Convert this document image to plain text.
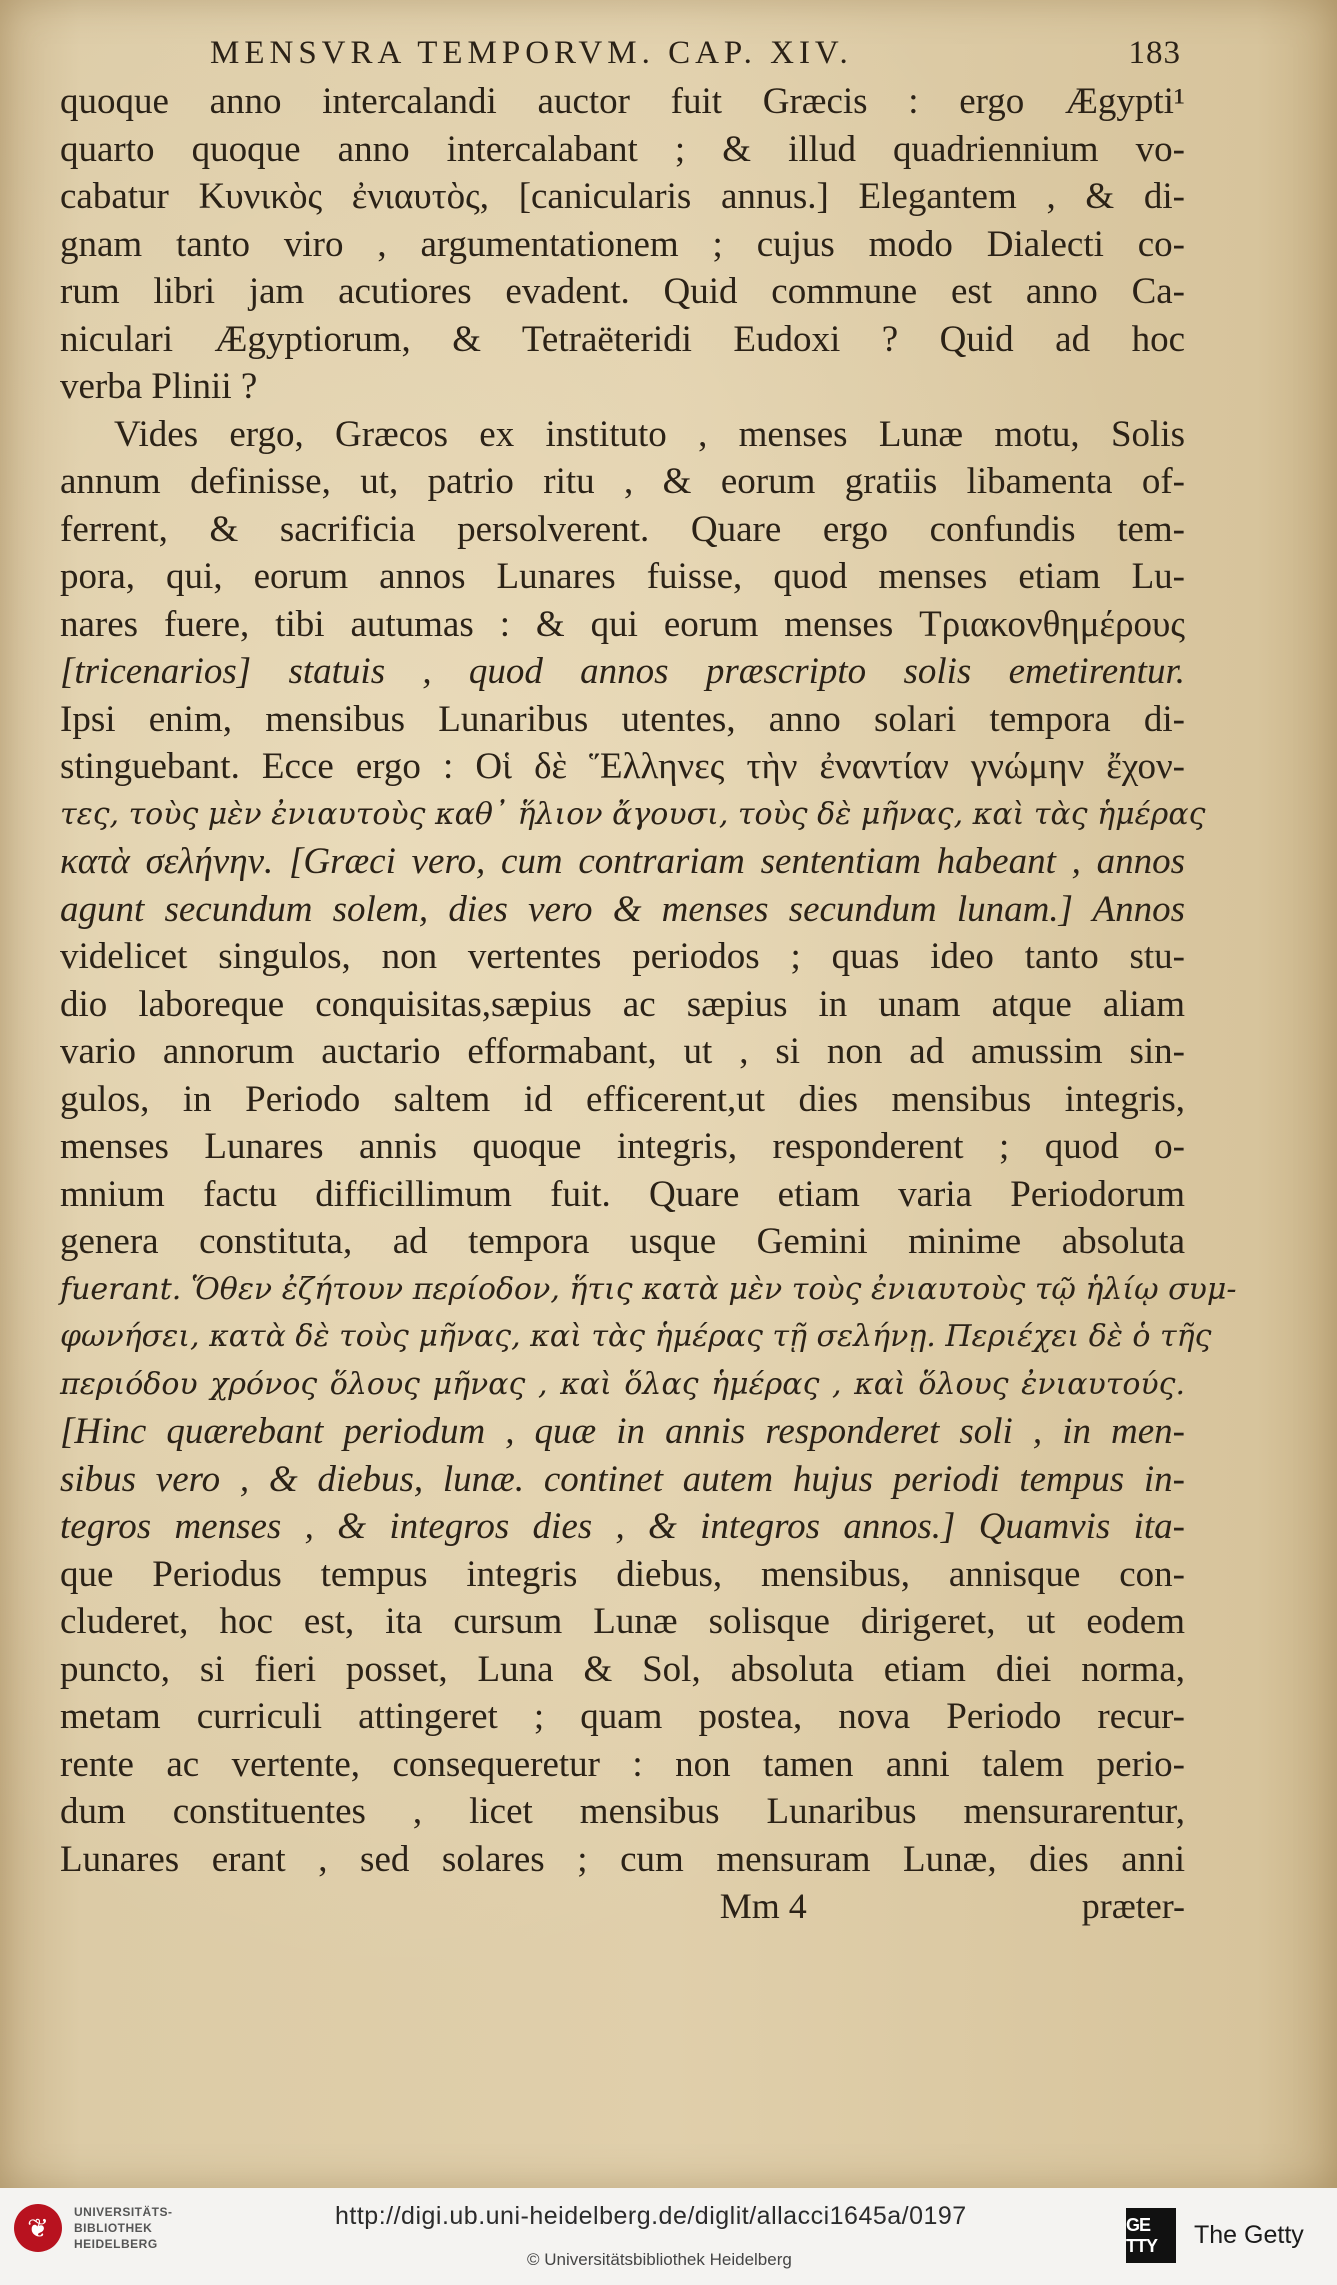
MENSVRA TEMPORVM. CAP. XIV.	183
quoque anno intercalandi auctor fuit Græcis : ergo Ægypti¹
quarto quoque anno intercalabant ; & illud quadriennium vo-
cabatur Κυνικὸς ἐνιαυτὸς, [canicularis annus.] Elegantem , & di-
gnam tanto viro , argumentationem ; cujus modo Dialecti co-
rum libri jam acutiores evadent. Quid commune est anno Ca-
niculari Ægyptiorum, & Tetraëteridi Eudoxi ? Quid ad hoc
verba Plinii ?
Vides ergo, Græcos ex instituto , menses Lunæ motu, Solis
annum definisse, ut, patrio ritu , & eorum gratiis libamenta of-
ferrent, & sacrificia persolverent. Quare ergo confundis tem-
pora, qui, eorum annos Lunares fuisse, quod menses etiam Lu-
nares fuere, tibi autumas : & qui eorum menses Τριακονθημέρους
[tricenarios] statuis , quod annos præscripto solis emetirentur.
Ipsi enim, mensibus Lunaribus utentes, anno solari tempora di-
stinguebant. Ecce ergo : Οἱ δὲ Ἕλληνες τὴν ἐναντίαν γνώμην ἔχον-
τες, τοὺς μὲν ἐνιαυτοὺς καθ᾽ ἥλιον ἄγουσι, τοὺς δὲ μῆνας, καὶ τὰς ἡμέρας
κατὰ σελήνην. [Græci vero, cum contrariam sententiam habeant , annos
agunt secundum solem, dies vero & menses secundum lunam.] Annos
videlicet singulos, non vertentes periodos ; quas ideo tanto stu-
dio laboreque conquisitas,sæpius ac sæpius in unam atque aliam
vario annorum auctario efformabant, ut , si non ad amussim sin-
gulos, in Periodo saltem id efficerent,ut dies mensibus integris,
menses Lunares annis quoque integris, responderent ; quod o-
mnium factu difficillimum fuit. Quare etiam varia Periodorum
genera constituta, ad tempora usque Gemini minime absoluta
fuerant. Ὅθεν ἐζήτουν περίοδον, ἥτις κατὰ μὲν τοὺς ἐνιαυτοὺς τῷ ἡλίῳ συμ-
φωνήσει, κατὰ δὲ τοὺς μῆνας, καὶ τὰς ἡμέρας τῇ σελήνῃ. Περιέχει δὲ ὁ τῆς
περιόδου χρόνος ὅλους μῆνας , καὶ ὅλας ἡμέρας , καὶ ὅλους ἐνιαυτούς.
[Hinc quærebant periodum , quæ in annis responderet soli , in men-
sibus vero , & diebus, lunæ. continet autem hujus periodi tempus in-
tegros menses , & integros dies , & integros annos.] Quamvis ita-
que Periodus tempus integris diebus, mensibus, annisque con-
cluderet, hoc est, ita cursum Lunæ solisque dirigeret, ut eodem
puncto, si fieri posset, Luna & Sol, absoluta etiam diei norma,
metam curriculi attingeret ; quam postea, nova Periodo recur-
rente ac vertente, consequeretur : non tamen anni talem perio-
dum constituentes , licet mensibus Lunaribus mensurarentur,
Lunares erant , sed solares ; cum mensuram Lunæ, dies anni
Mm 4	præter-
❦
UNIVERSITÄTS-
BIBLIOTHEK
HEIDELBERG
http://digi.ub.uni-heidelberg.de/diglit/allacci1645a/0197
© Universitätsbibliothek Heidelberg
GE TTY	The Getty
